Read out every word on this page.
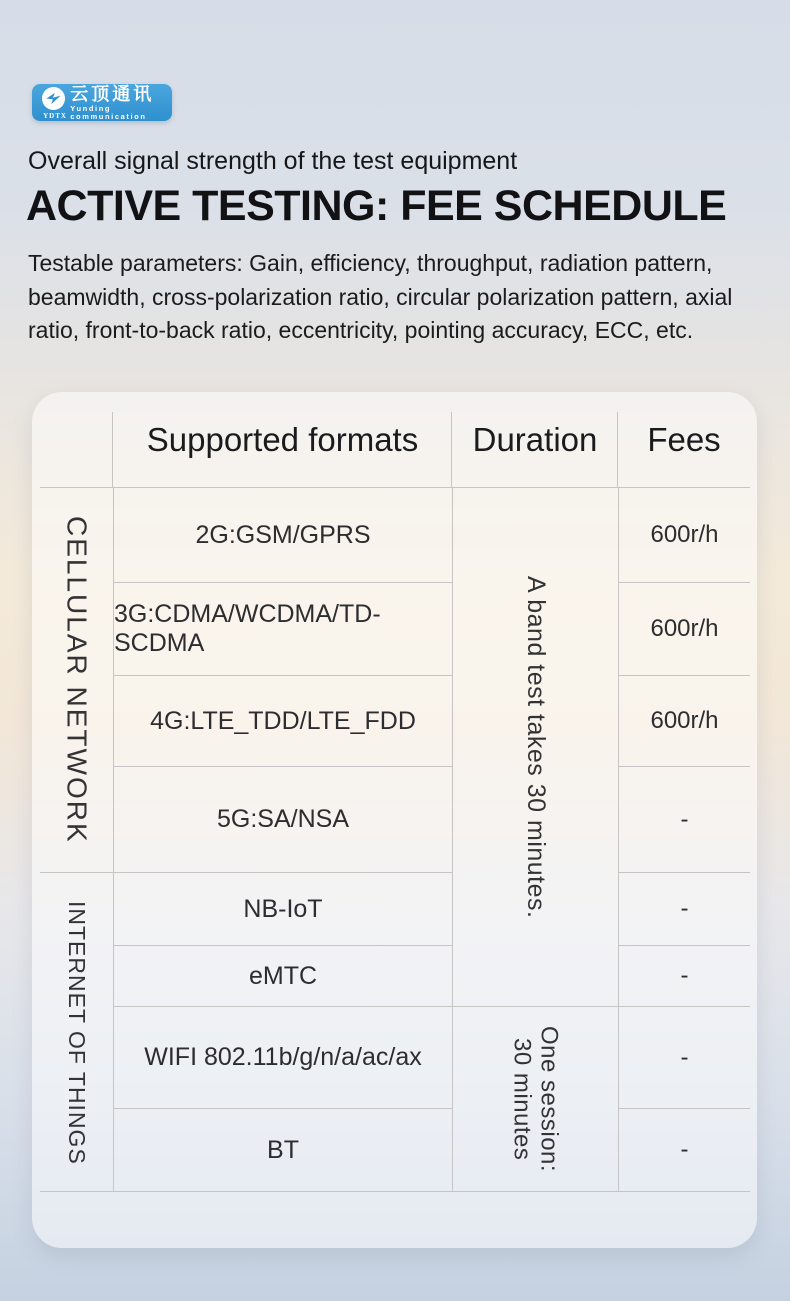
YDTX
云顶通讯
Yunding communication
Overall signal strength of the test equipment
ACTIVE TESTING: FEE SCHEDULE
Testable parameters: Gain, efficiency, throughput, radiation pattern, beamwidth, cross-polarization ratio, circular polarization pattern, axial ratio, front-to-back ratio, eccentricity, pointing accuracy, ECC, etc.
Supported formats	Duration	Fees
CELLULAR NETWORK
INTERNET OF THINGS
2G:GSM/GPRS
3G:CDMA/WCDMA/TD-SCDMA
4G:LTE_TDD/LTE_FDD
5G:SA/NSA
NB-IoT
eMTC
WIFI 802.11b/g/n/a/ac/ax
BT
A band test takes 30 minutes.
One session:
30 minutes
600r/h
600r/h
600r/h
-
-
-
-
-
